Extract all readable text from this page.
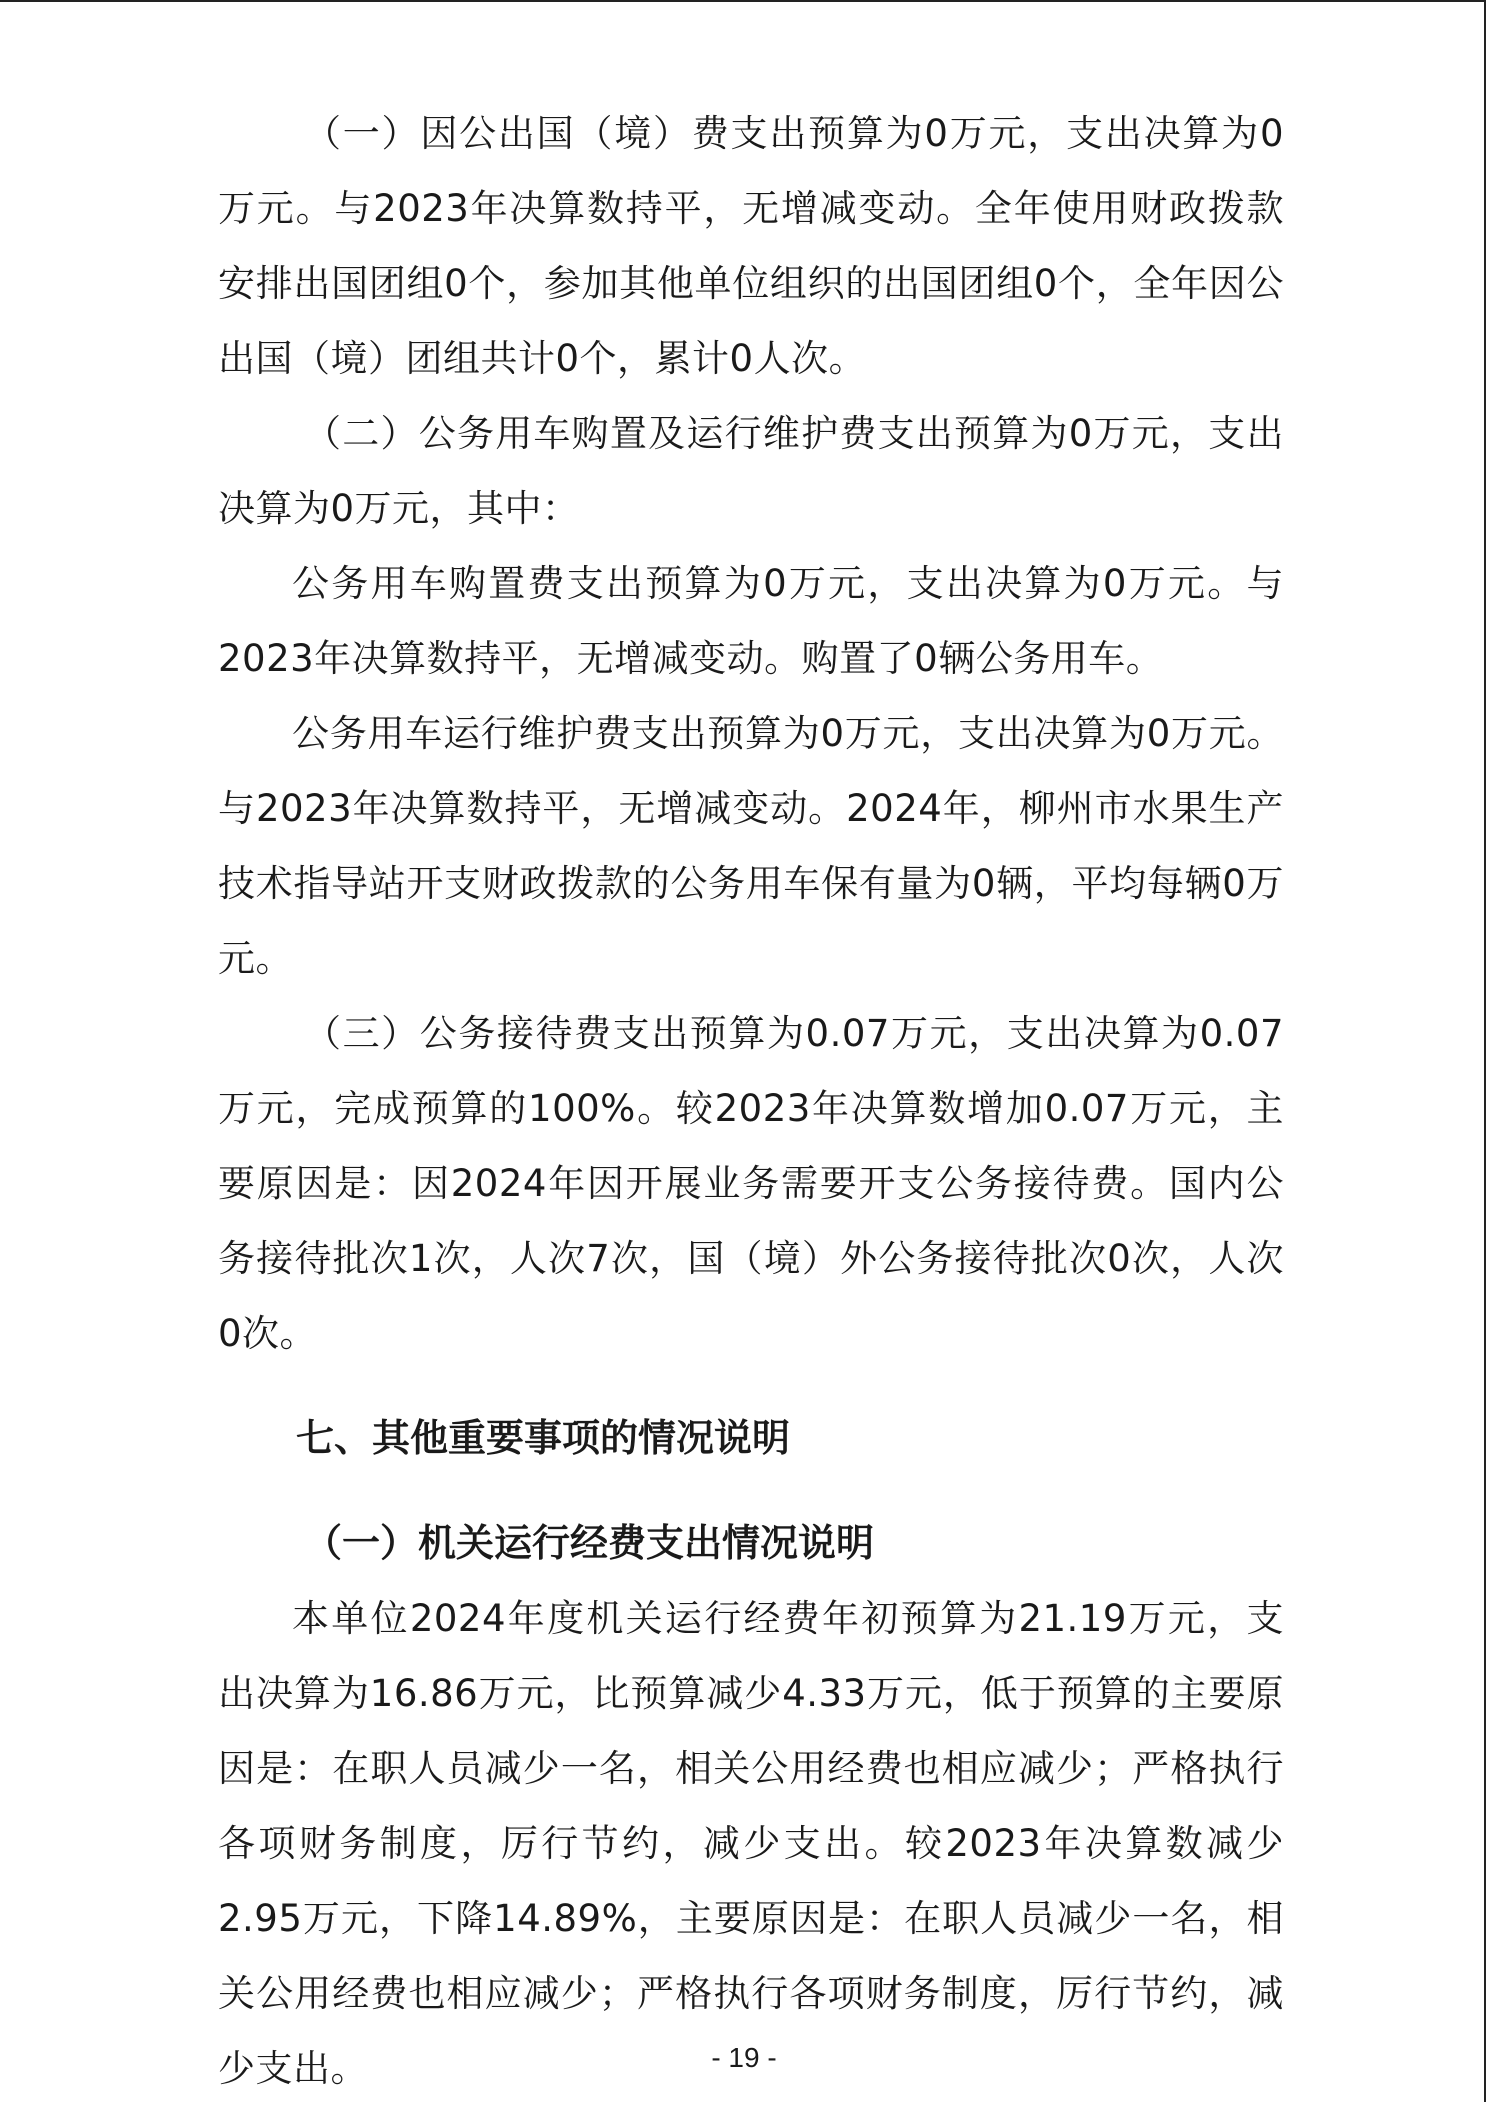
（一）因公出国（境）费支出预算为0万元，支出决算为0万元。与2023年决算数持平，无增减变动。全年使用财政拨款安排出国团组0个，参加其他单位组织的出国团组0个，全年因公出国（境）团组共计0个，累计0人次。

（二）公务用车购置及运行维护费支出预算为0万元，支出决算为0万元，其中：

公务用车购置费支出预算为0万元，支出决算为0万元。与2023年决算数持平，无增减变动。购置了0辆公务用车。

公务用车运行维护费支出预算为0万元，支出决算为0万元。与2023年决算数持平，无增减变动。2024年，柳州市水果生产技术指导站开支财政拨款的公务用车保有量为0辆，平均每辆0万元。

（三）公务接待费支出预算为0.07万元，支出决算为0.07万元，完成预算的100%。较2023年决算数增加0.07万元，主要原因是：因2024年因开展业务需要开支公务接待费。国内公务接待批次1次，人次7次，国（境）外公务接待批次0次，人次0次。

七、其他重要事项的情况说明
（一）机关运行经费支出情况说明

本单位2024年度机关运行经费年初预算为21.19万元，支出决算为16.86万元，比预算减少4.33万元，低于预算的主要原因是：在职人员减少一名，相关公用经费也相应减少；严格执行各项财务制度，厉行节约，减少支出。较2023年决算数减少2.95万元，下降14.89%，主要原因是：在职人员减少一名，相关公用经费也相应减少；严格执行各项财务制度，厉行节约，减少支出。	- 19 -
